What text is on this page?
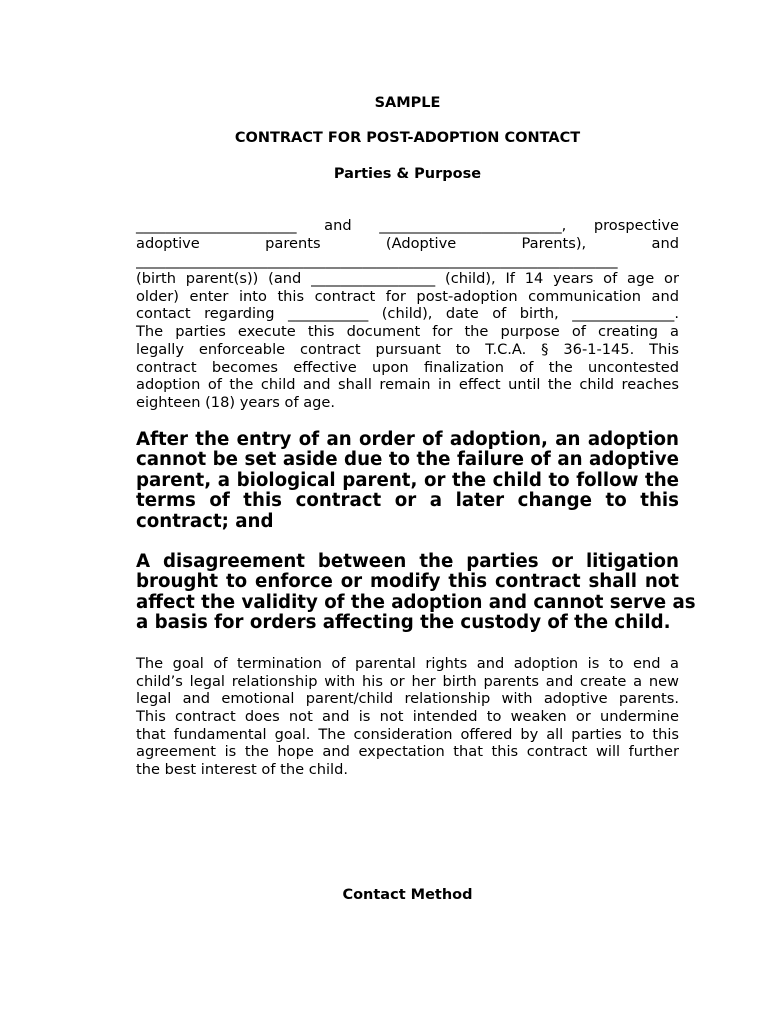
SAMPLE
CONTRACT FOR POST-ADOPTION CONTACT
Parties & Purpose
______________________ and _________________________, prospective
adoptive parents (Adoptive Parents), and
__________________________________________________________________
(birth parent(s)) (and _________________ (child), If 14 years of age or
older) enter into this contract for post-adoption communication and
contact regarding ___________ (child), date of birth, ______________.
The parties execute this document for the purpose of creating a
legally enforceable contract pursuant to T.C.A. § 36-1-145. This
contract becomes effective upon finalization of the uncontested
adoption of the child and shall remain in effect until the child reaches
eighteen (18) years of age.
After the entry of an order of adoption, an adoption
cannot be set aside due to the failure of an adoptive
parent, a biological parent, or the child to follow the
terms of this contract or a later change to this
contract; and
A disagreement between the parties or litigation
brought to enforce or modify this contract shall not
affect the validity of the adoption and cannot serve as
a basis for orders affecting the custody of the child.
The goal of termination of parental rights and adoption is to end a
child’s legal relationship with his or her birth parents and create a new
legal and emotional parent/child relationship with adoptive parents.
This contract does not and is not intended to weaken or undermine
that fundamental goal. The consideration offered by all parties to this
agreement is the hope and expectation that this contract will further
the best interest of the child.
Contact Method
